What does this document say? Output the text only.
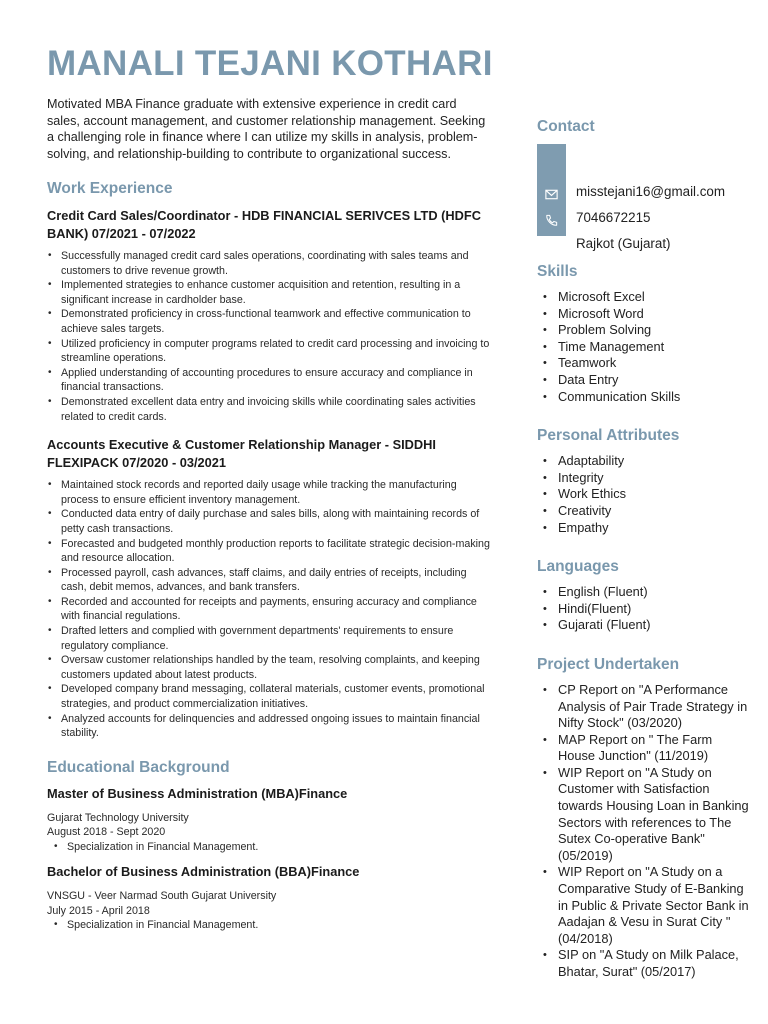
MANALI TEJANI KOTHARI

Motivated MBA Finance graduate with extensive experience in credit card sales, account management, and customer relationship management. Seeking a challenging role in finance where I can utilize my skills in analysis, problem-solving, and relationship-building to contribute to organizational success.

Work Experience
Credit Card Sales/Coordinator - HDB FINANCIAL SERIVCES LTD (HDFC BANK) 07/2021 - 07/2022
• Successfully managed credit card sales operations, coordinating with sales teams and customers to drive revenue growth.
• Implemented strategies to enhance customer acquisition and retention, resulting in a significant increase in cardholder base.
• Demonstrated proficiency in cross-functional teamwork and effective communication to achieve sales targets.
• Utilized proficiency in computer programs related to credit card processing and invoicing to streamline operations.
• Applied understanding of accounting procedures to ensure accuracy and compliance in financial transactions.
• Demonstrated excellent data entry and invoicing skills while coordinating sales activities related to credit cards.
Accounts Executive & Customer Relationship Manager - SIDDHI FLEXIPACK 07/2020 - 03/2021
• Maintained stock records and reported daily usage while tracking the manufacturing process to ensure efficient inventory management.
• Conducted data entry of daily purchase and sales bills, along with maintaining records of petty cash transactions.
• Forecasted and budgeted monthly production reports to facilitate strategic decision-making and resource allocation.
• Processed payroll, cash advances, staff claims, and daily entries of receipts, including cash, debit memos, advances, and bank transfers.
• Recorded and accounted for receipts and payments, ensuring accuracy and compliance with financial regulations.
• Drafted letters and complied with government departments' requirements to ensure regulatory compliance.
• Oversaw customer relationships handled by the team, resolving complaints, and keeping customers updated about latest products.
• Developed company brand messaging, collateral materials, customer events, promotional strategies, and product commercialization initiatives.
• Analyzed accounts for delinquencies and addressed ongoing issues to maintain financial stability.
Educational Background
Master of Business Administration (MBA)Finance
Gujarat Technology University
August 2018 - Sept 2020
• Specialization in Financial Management.
Bachelor of Business Administration (BBA)Finance
VNSGU - Veer Narmad South Gujarat University
July 2015 - April 2018
• Specialization in Financial Management.
Contact
misstejani16@gmail.com
7046672215
Rajkot (Gujarat)
Skills
• Microsoft Excel
• Microsoft Word
• Problem Solving
• Time Management
• Teamwork
• Data Entry
• Communication Skills
Personal Attributes
• Adaptability
• Integrity
• Work Ethics
• Creativity
• Empathy
Languages
• English (Fluent)
• Hindi(Fluent)
• Gujarati (Fluent)
Project Undertaken
• CP Report on "A Performance Analysis of Pair Trade Strategy in Nifty Stock" (03/2020)
• MAP Report on " The Farm House Junction" (11/2019)
• WIP Report on "A Study on Customer with Satisfaction towards Housing Loan in Banking Sectors with references to The Sutex Co-operative Bank" (05/2019)
• WIP Report on "A Study on a Comparative Study of E-Banking in Public & Private Sector Bank in Aadajan & Vesu in Surat City " (04/2018)
• SIP on "A Study on Milk Palace, Bhatar, Surat" (05/2017)
